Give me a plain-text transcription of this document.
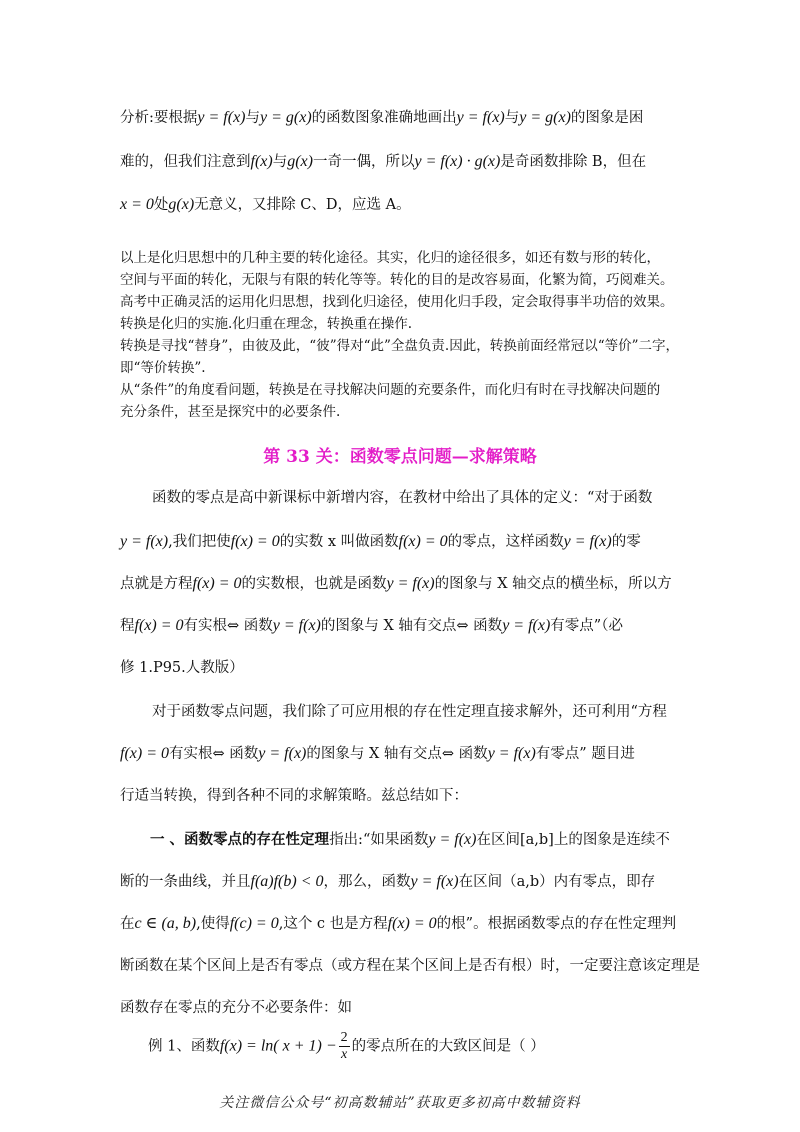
分析:要根据y = f(x)与y = g(x)的函数图象准确地画出y = f(x)与y = g(x)的图象是困
难的，但我们注意到f(x)与g(x)一奇一偶，所以y = f(x) · g(x)是奇函数排除 B，但在
x = 0处g(x)无意义，又排除 C、D，应选 A。
以上是化归思想中的几种主要的转化途径。其实，化归的途径很多，如还有数与形的转化，
空间与平面的转化，无限与有限的转化等等。转化的目的是改容易面，化繁为简，巧阅难关。
高考中正确灵活的运用化归思想，找到化归途径，使用化归手段，定会取得事半功倍的效果。
转换是化归的实施.化归重在理念，转换重在操作.
转换是寻找“替身”，由彼及此，“彼”得对“此”全盘负责.因此，转换前面经常冠以“等价”二字，
即“等价转换”.
从“条件”的角度看问题，转换是在寻找解决问题的充要条件，而化归有时在寻找解决问题的
充分条件，甚至是探究中的必要条件.
第 33 关：函数零点问题—求解策略
函数的零点是高中新课标中新增内容，在教材中给出了具体的定义：“对于函数
y = f(x),我们把使f(x) = 0的实数 x 叫做函数f(x) = 0的零点，这样函数y = f(x)的零
点就是方程f(x) = 0的实数根，也就是函数y = f(x)的图象与 X 轴交点的横坐标，所以方
程f(x) = 0有实根⇔ 函数y = f(x)的图象与 X 轴有交点⇔ 函数y = f(x)有零点”（必
修 1.P95.人教版）
对于函数零点问题，我们除了可应用根的存在性定理直接求解外，还可利用“方程
f(x) = 0有实根⇔ 函数y = f(x)的图象与 X 轴有交点⇔ 函数y = f(x)有零点” 题目进
行适当转换，得到各种不同的求解策略。兹总结如下：
一 、函数零点的存在性定理指出:“如果函数y = f(x)在区间[a,b]上的图象是连续不
断的一条曲线，并且f(a)f(b) < 0，那么，函数y = f(x)在区间（a,b）内有零点，即存
在c ∈ (a, b),使得f(c) = 0,这个 c 也是方程f(x) = 0的根”。根据函数零点的存在性定理判
断函数在某个区间上是否有零点（或方程在某个区间上是否有根）时，一定要注意该定理是
函数存在零点的充分不必要条件：如
例 1、函数f(x) = ln( $x + 1) - \frac{2}{x}$ 的零点所在的大致区间是（ ）
关注微信公众号“初高数辅站”获取更多初高中数辅资料
